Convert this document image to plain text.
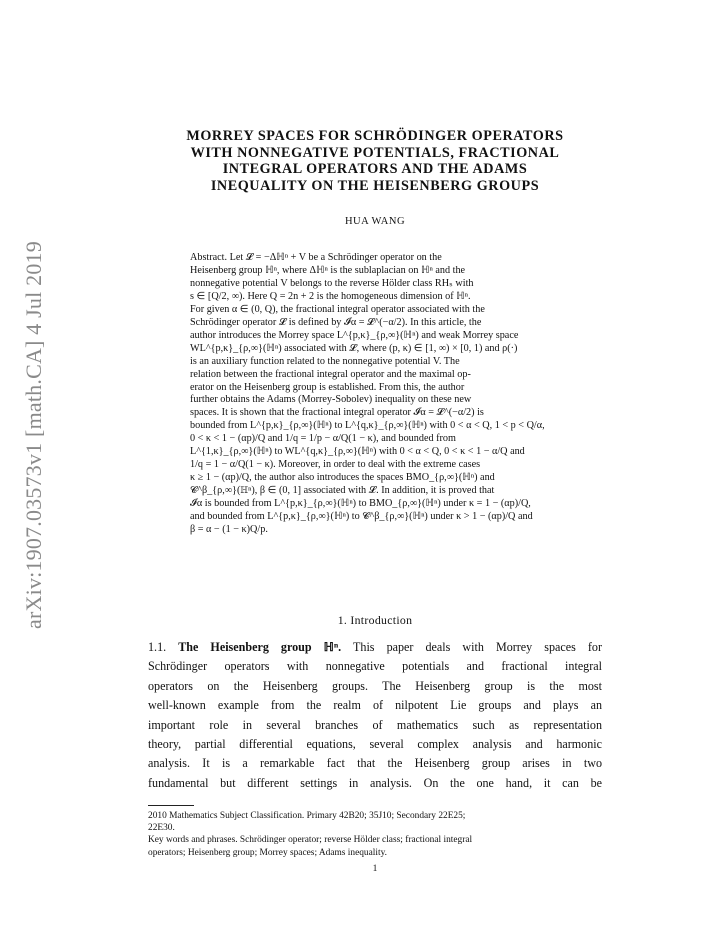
arXiv:1907.03573v1 [math.CA] 4 Jul 2019
MORREY SPACES FOR SCHRÖDINGER OPERATORS
WITH NONNEGATIVE POTENTIALS, FRACTIONAL
INTEGRAL OPERATORS AND THE ADAMS
INEQUALITY ON THE HEISENBERG GROUPS
HUA WANG
Abstract. Let 𝓛 = −Δℍⁿ + V be a Schrödinger operator on the
Heisenberg group ℍⁿ, where Δℍⁿ is the sublaplacian on ℍⁿ and the
nonnegative potential V belongs to the reverse Hölder class RHₛ with
s ∈ [Q/2, ∞). Here Q = 2n + 2 is the homogeneous dimension of ℍⁿ.
For given α ∈ (0, Q), the fractional integral operator associated with the
Schrödinger operator 𝓛 is defined by 𝓘α = 𝓛^(−α/2). In this article, the
author introduces the Morrey space L^{p,κ}_{ρ,∞}(ℍⁿ) and weak Morrey space
WL^{p,κ}_{ρ,∞}(ℍⁿ) associated with 𝓛, where (p, κ) ∈ [1, ∞) × [0, 1) and ρ(·)
is an auxiliary function related to the nonnegative potential V. The
relation between the fractional integral operator and the maximal op-
erator on the Heisenberg group is established. From this, the author
further obtains the Adams (Morrey-Sobolev) inequality on these new
spaces. It is shown that the fractional integral operator 𝓘α = 𝓛^(−α/2) is
bounded from L^{p,κ}_{ρ,∞}(ℍⁿ) to L^{q,κ}_{ρ,∞}(ℍⁿ) with 0 < α < Q, 1 < p < Q/α,
0 < κ < 1 − (αp)/Q and 1/q = 1/p − α/Q(1 − κ), and bounded from
L^{1,κ}_{ρ,∞}(ℍⁿ) to WL^{q,κ}_{ρ,∞}(ℍⁿ) with 0 < α < Q, 0 < κ < 1 − α/Q and
1/q = 1 − α/Q(1 − κ). Moreover, in order to deal with the extreme cases
κ ≥ 1 − (αp)/Q, the author also introduces the spaces BMO_{ρ,∞}(ℍⁿ) and
𝓒^β_{ρ,∞}(ℍⁿ), β ∈ (0, 1] associated with 𝓛. In addition, it is proved that
𝓘α is bounded from L^{p,κ}_{ρ,∞}(ℍⁿ) to BMO_{ρ,∞}(ℍⁿ) under κ = 1 − (αp)/Q,
and bounded from L^{p,κ}_{ρ,∞}(ℍⁿ) to 𝓒^β_{ρ,∞}(ℍⁿ) under κ > 1 − (αp)/Q and
β = α − (1 − κ)Q/p.
1. Introduction
1.1. The Heisenberg group ℍⁿ. This paper deals with Morrey spaces for
Schrödinger operators with nonnegative potentials and fractional integral
operators on the Heisenberg groups. The Heisenberg group is the most
well-known example from the realm of nilpotent Lie groups and plays an
important role in several branches of mathematics such as representation
theory, partial differential equations, several complex analysis and harmonic
analysis. It is a remarkable fact that the Heisenberg group arises in two
fundamental but different settings in analysis. On the one hand, it can be
2010 Mathematics Subject Classification. Primary 42B20; 35J10; Secondary 22E25;
22E30.
Key words and phrases. Schrödinger operator; reverse Hölder class; fractional integral
operators; Heisenberg group; Morrey spaces; Adams inequality.
1
